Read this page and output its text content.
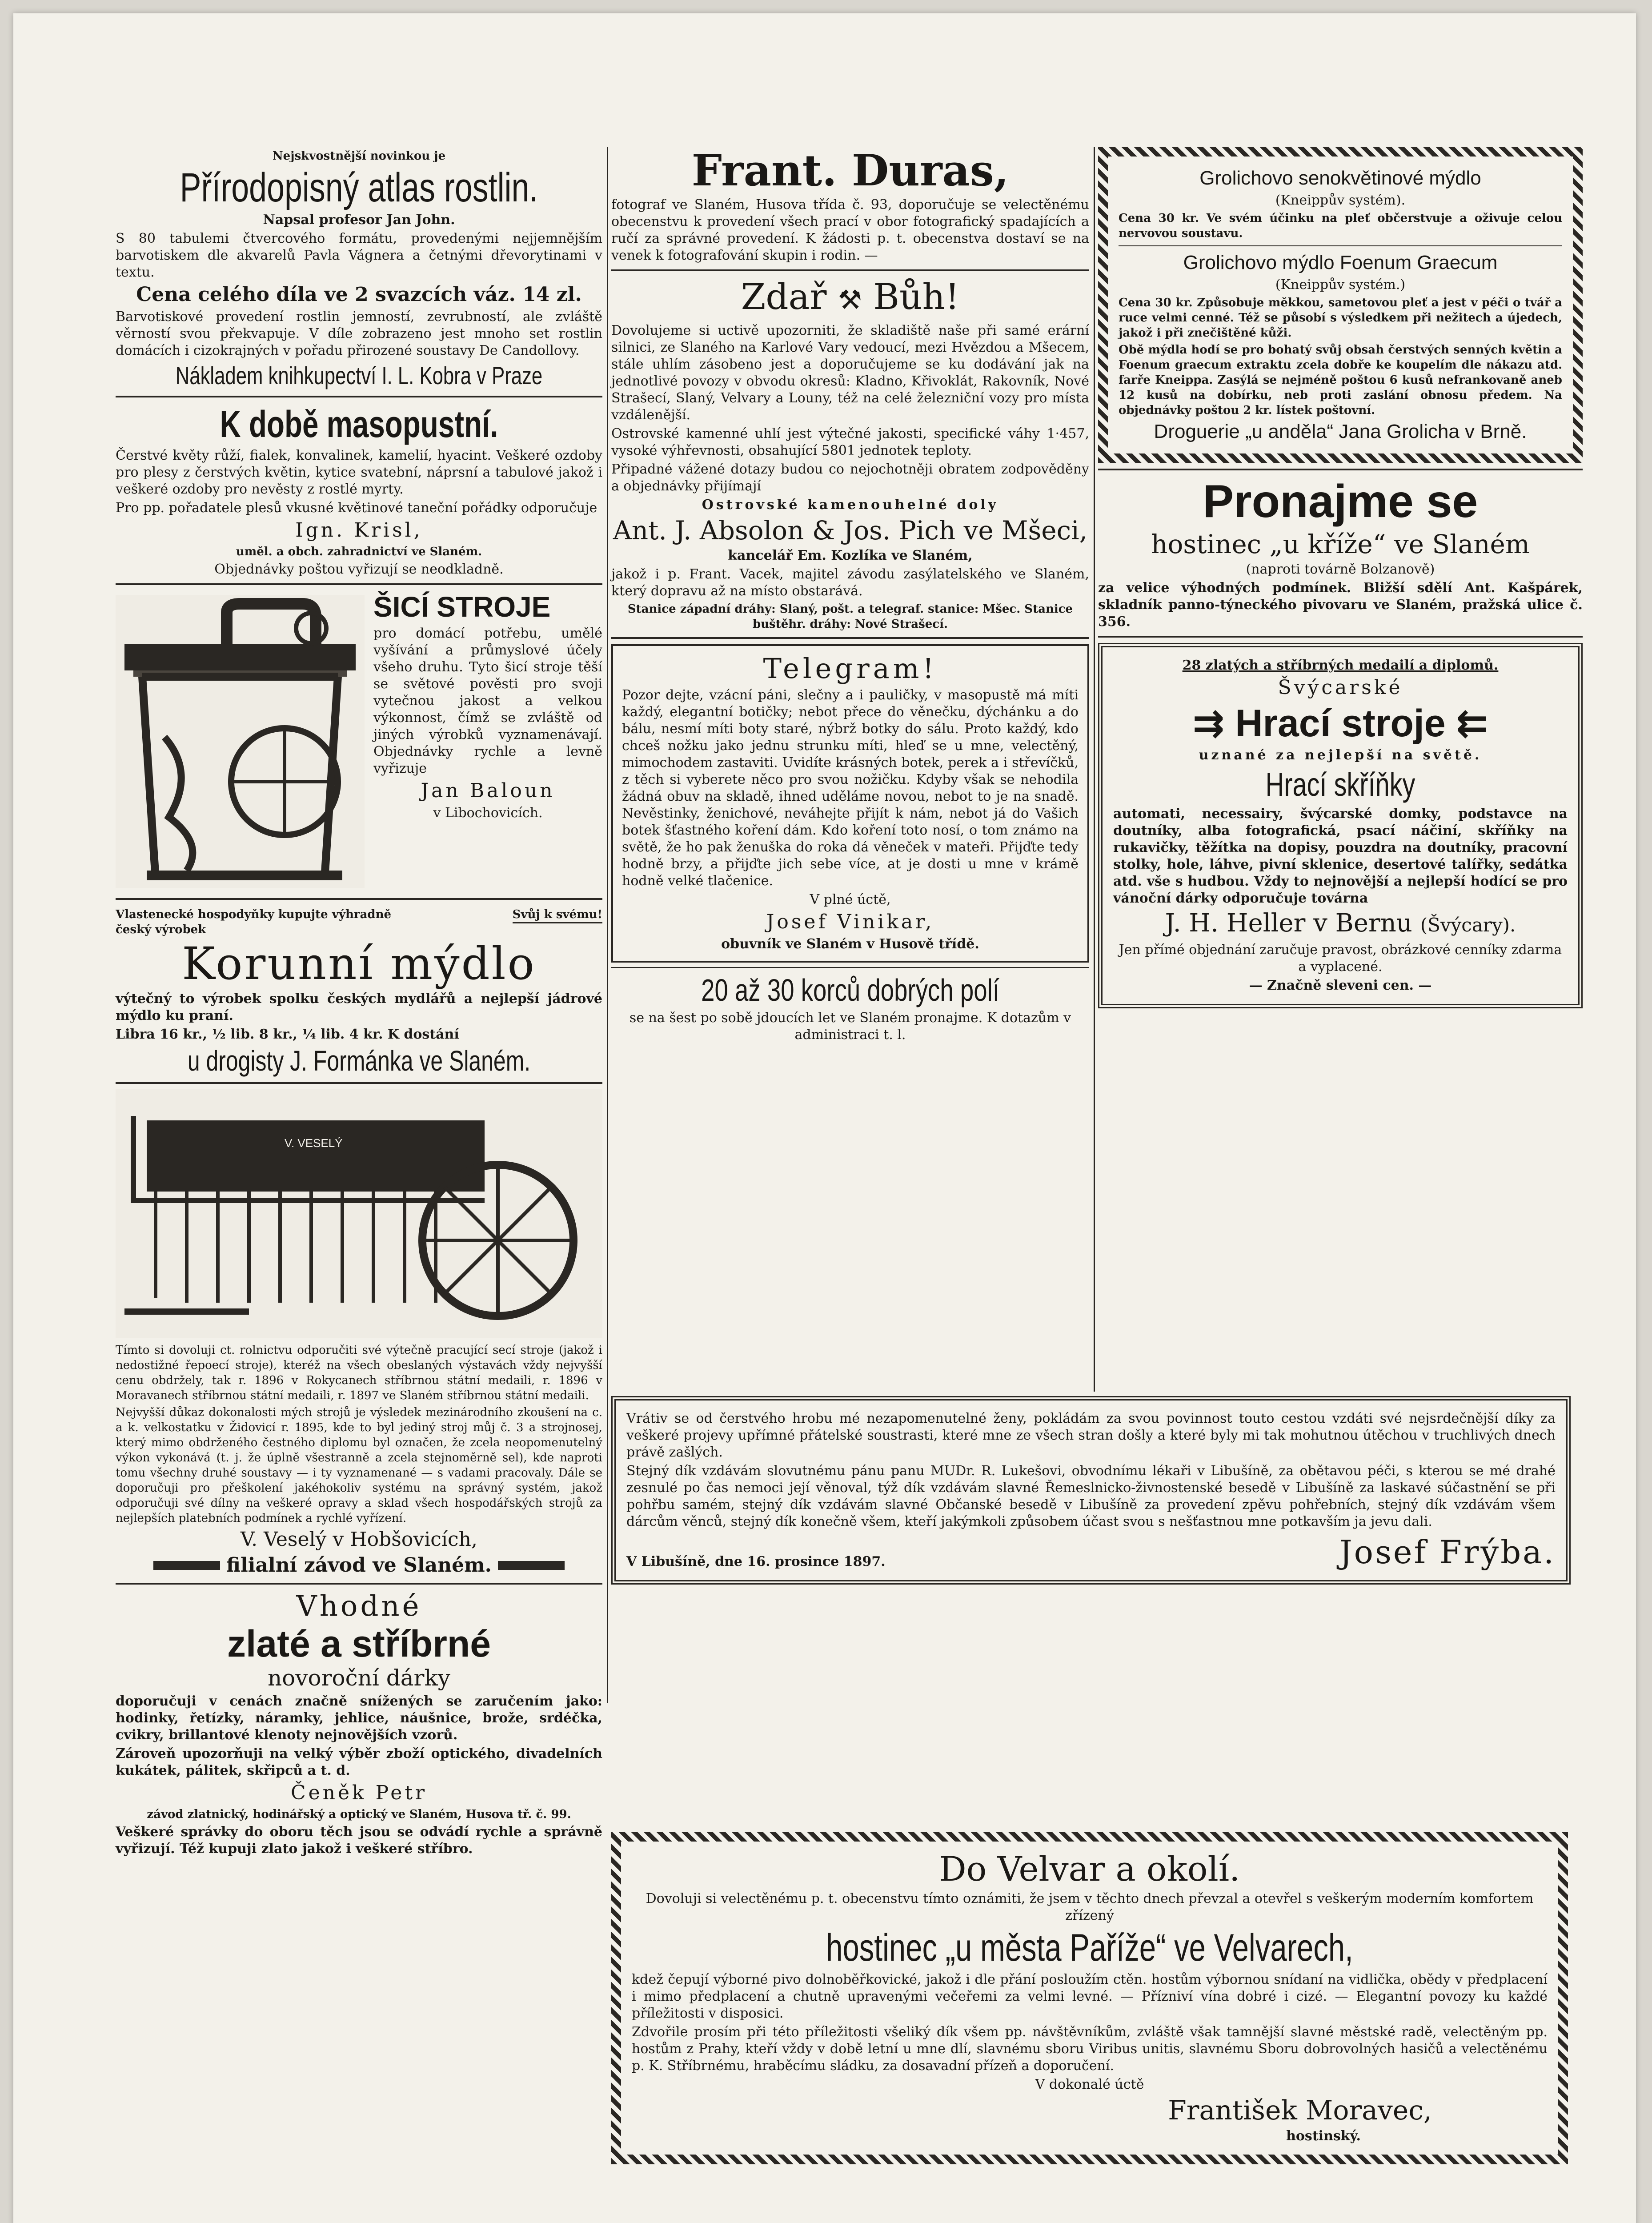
Nejskvostnější novinkou je

Přírodopisný atlas rostlin.

Napsal profesor Jan John.

S 80 tabulemi čtvercového formátu, provedenými nejjemnějším barvotiskem dle akvarelů Pavla Vágnera a četnými dřevorytinami v textu.

Cena celého díla ve 2 svazcích váz. 14 zl.

Barvotiskové provedení rostlin jemností, zevrubností, ale zvláště věrností svou překvapuje. V díle zobrazeno jest mnoho set rostlin domácích i cizokrajných v pořadu přirozené soustavy De Candollovy.

Nákladem knihkupectví I. L. Kobra v Praze
K době masopustní.

Čerstvé květy růží, fialek, konvalinek, kamelií, hyacint. Veškeré ozdoby pro plesy z čerstvých květin, kytice svatební, náprsní a tabulové jakož i veškeré ozdoby pro nevěsty z rostlé myrty.

Pro pp. pořadatele plesů vkusné květinové taneční pořádky odporučuje

Ign. Krisl,

uměl. a obch. zahradnictví ve Slaném.

Objednávky poštou vyřizují se neodkladně.

ŠICÍ STROJE

pro domácí potřebu, umělé vyšívání a průmyslové účely všeho druhu. Tyto šicí stroje těší se světové pověsti pro svoji vytečnou jakost a velkou výkonnost, čímž se zvláště od jiných výrobků vyznamenávají. Objednávky rychle a levně vyřizuje

Jan Baloun

v Libochovicích.

Vlastenecké hospodyňky kupujte výhradně český výrobek

Svůj k svému!

Korunní mýdlo

výtečný to výrobek spolku českých mydlářů a nejlepší jádrové mýdlo ku praní.

Libra 16 kr., ½ lib. 8 kr., ¼ lib. 4 kr. K dostání

u drogisty J. Formánka ve Slaném.
V. VESELÝ

Tímto si dovoluji ct. rolnictvu odporučiti své výtečně pracující secí stroje (jakož i nedostižné řepoecí stroje), kteréž na všech obeslaných výstavách vždy nejvyšší cenu obdržely, tak r. 1896 v Rokycanech stříbrnou státní medaili, r. 1896 v Moravanech stříbrnou státní medaili, r. 1897 ve Slaném stříbrnou státní medaili.

Nejvyšší důkaz dokonalosti mých strojů je výsledek mezinárodního zkoušení na c. a k. velkostatku v Židovicí r. 1895, kde to byl jediný stroj můj č. 3 a strojnosej, který mimo obdrženého čestného diplomu byl označen, že zcela neopomenutelný výkon vykonává (t. j. že úplně všestranně a zcela stejnoměrně sel), kde naproti tomu všechny druhé soustavy — i ty vyznamenané — s vadami pracovaly. Dále se doporučuji pro přeškolení jakéhokoliv systému na správný systém, jakož odporučuji své dílny na veškeré opravy a sklad všech hospodářských strojů za nejlepších platebních podmínek a rychlé vyřízení.

V. Veselý v Hobšovicích,

filialní závod ve Slaném.
Vhodné
zlaté a stříbrné
novoroční dárky

doporučuji v cenách značně snížených se zaručením jako: hodinky, řetízky, náramky, jehlice, náušnice, brože, srdéčka, cvikry, brillantové klenoty nejnovějších vzorů.

Zároveň upozorňuji na velký výběr zboží optického, divadelních kukátek, pálitek, skřipců a t. d.

Čeněk Petr

závod zlatnický, hodinářský a optický ve Slaném, Husova tř. č. 99.

Veškeré správky do oboru těch jsou se odvádí rychle a správně vyřizují. Též kupuji zlato jakož i veškeré stříbro.

Frant. Duras,

fotograf ve Slaném, Husova třída č. 93, doporučuje se velectěnému obecenstvu k provedení všech prací v obor fotografický spadajících a ručí za správné provedení. K žádosti p. t. obecenstva dostaví se na venek k fotografování skupin i rodin. —

Zdař ⚒ Bůh!

Dovolujeme si uctivě upozorniti, že skladiště naše při samé erární silnici, ze Slaného na Karlové Vary vedoucí, mezi Hvězdou a Mšecem, stále uhlím zásobeno jest a doporučujeme se ku dodávání jak na jednotlivé povozy v obvodu okresů: Kladno, Křivoklát, Rakovník, Nové Strašecí, Slaný, Velvary a Louny, též na celé železniční vozy pro místa vzdálenější.

Ostrovské kamenné uhlí jest výtečné jakosti, specifické váhy 1·457, vysoké výhřevnosti, obsahující 5801 jednotek teploty.

Připadné vážené dotazy budou co nejochotněji obratem zodpověděny a objednávky přijímají

Ostrovské kamenouhelné doly

Ant. J. Absolon & Jos. Pich ve Mšeci,

kancelář Em. Kozlíka ve Slaném,

jakož i p. Frant. Vacek, majitel závodu zasýlatelského ve Slaném, který dopravu až na místo obstarává.

Stanice západní dráhy: Slaný, pošt. a telegraf. stanice: Mšec. Stanice buštěhr. dráhy: Nové Strašecí.

Telegram!

Pozor dejte, vzácní páni, slečny a i pauličky, v masopustě má míti každý, elegantní botičky; nebot přece do věnečku, dýchánku a do bálu, nesmí míti boty staré, nýbrž botky do sálu. Proto každý, kdo chceš nožku jako jednu strunku míti, hleď se u mne, velectěný, mimochodem zastaviti. Uvidíte krásných botek, perek a i střevíčků, z těch si vyberete něco pro svou nožičku. Kdyby však se nehodila žádná obuv na skladě, ihned uděláme novou, nebot to je na snadě. Nevěstinky, ženichové, neváhejte přijít k nám, nebot já do Vašich botek šťastného koření dám. Kdo koření toto nosí, o tom známo na světě, že ho pak ženuška do roka dá věneček v mateři. Přijďte tedy hodně brzy, a přijďte jich sebe více, at je dosti u mne v krámě hodně velké tlačenice.

V plné úctě,

Josef Vinikar,

obuvník ve Slaném v Husově třídě.

20 až 30 korců dobrých polí

se na šest po sobě jdoucích let ve Slaném pronajme. K dotazům v administraci t. l.

Grolichovo senokvětinové mýdlo

(Kneippův systém).

Cena 30 kr. Ve svém účinku na pleť občerstvuje a oživuje celou nervovou soustavu.

Grolichovo mýdlo Foenum Graecum

(Kneippův systém.)

Cena 30 kr. Způsobuje měkkou, sametovou pleť a jest v péči o tvář a ruce velmi cenné. Též se působí s výsledkem při nežitech a újedech, jakož i při znečištěné kůži.

Obě mýdla hodí se pro bohatý svůj obsah čerstvých senných květin a Foenum graecum extraktu zcela dobře ke koupelím dle nákazu atd. farře Kneippa. Zasýlá se nejméně poštou 6 kusů nefrankovaně aneb 12 kusů na dobírku, neb proti zaslání obnosu předem. Na objednávky poštou 2 kr. lístek poštovní.

Droguerie „u anděla“ Jana Grolicha v Brně.

Pronajme se

hostinec „u kříže“ ve Slaném

(naproti továrně Bolzanově)

za velice výhodných podmínek. Bližší sdělí Ant. Kašpárek, skladník panno-týneckého pivovaru ve Slaném, pražská ulice č. 356.

28 zlatých a stříbrných medailí a diplomů.

Švýcarské

⇉ Hrací stroje ⇇

uznané za nejlepší na světě.

Hrací skříňky

automati, necessairy, švýcarské domky, podstavce na doutníky, alba fotografická, psací náčiní, skříňky na rukavičky, těžítka na dopisy, pouzdra na doutníky, pracovní stolky, hole, láhve, pivní sklenice, desertové talířky, sedátka atd. vše s hudbou. Vždy to nejnovější a nejlepší hodící se pro vánoční dárky odporučuje továrna

J. H. Heller v Bernu (Švýcary).

Jen přímé objednání zaručuje pravost, obrázkové cenníky zdarma a vyplacené.

— Značně sleveni cen. —

Vrátiv se od čerstvého hrobu mé nezapomenutelné ženy, pokládám za svou povinnost touto cestou vzdáti své nejsrdečnější díky za veškeré projevy upřímné přátelské soustrasti, které mne ze všech stran došly a které byly mi tak mohutnou útěchou v truchlivých dnech právě zašlých.

Stejný dík vzdávám slovutnému pánu panu MUDr. R. Lukešovi, obvodnímu lékaři v Libušíně, za obětavou péči, s kterou se mé drahé zesnulé po čas nemoci její věnoval, týž dík vzdávám slavné Řemeslnicko-živnostenské besedě v Libušíně za laskavé súčastnění se při pohřbu samém, stejný dík vzdávám slavné Občanské besedě v Libušíně za provedení zpěvu pohřebních, stejný dík vzdávám všem dárcům věnců, stejný dík konečně všem, kteří jakýmkoli způsobem účast svou s nešťastnou mne potkavším ja jevu dali.

V Libušíně, dne 16. prosince 1897.	Josef Frýba.

Do Velvar a okolí.

Dovoluji si velectěnému p. t. obecenstvu tímto oznámiti, že jsem v těchto dnech převzal a otevřel s veškerým moderním komfortem zřízený

hostinec „u města Paříže“ ve Velvarech,

kdež čepují výborné pivo dolnoběřkovické, jakož i dle přání posloužím ctěn. hostům výbornou snídaní na vidlička, obědy v předplacení i mimo předplacení a chutně upravenými večeřemi za velmi levné. — Přízniví vína dobré i cizé. — Elegantní povozy ku každé příležitosti v disposici.

Zdvořile prosím při této příležitosti všeliký dík všem pp. návštěvníkům, zvláště však tamnější slavné městské radě, velectěným pp. hostům z Prahy, kteří vždy v době letní u mne dlí, slavnému sboru Viribus unitis, slavnému Sboru dobrovolných hasičů a velectěnému p. K. Stříbrnému, hraběcímu sládku, za dosavadní přízeň a doporučení.

V dokonalé úctě

František Moravec,

hostinský.
